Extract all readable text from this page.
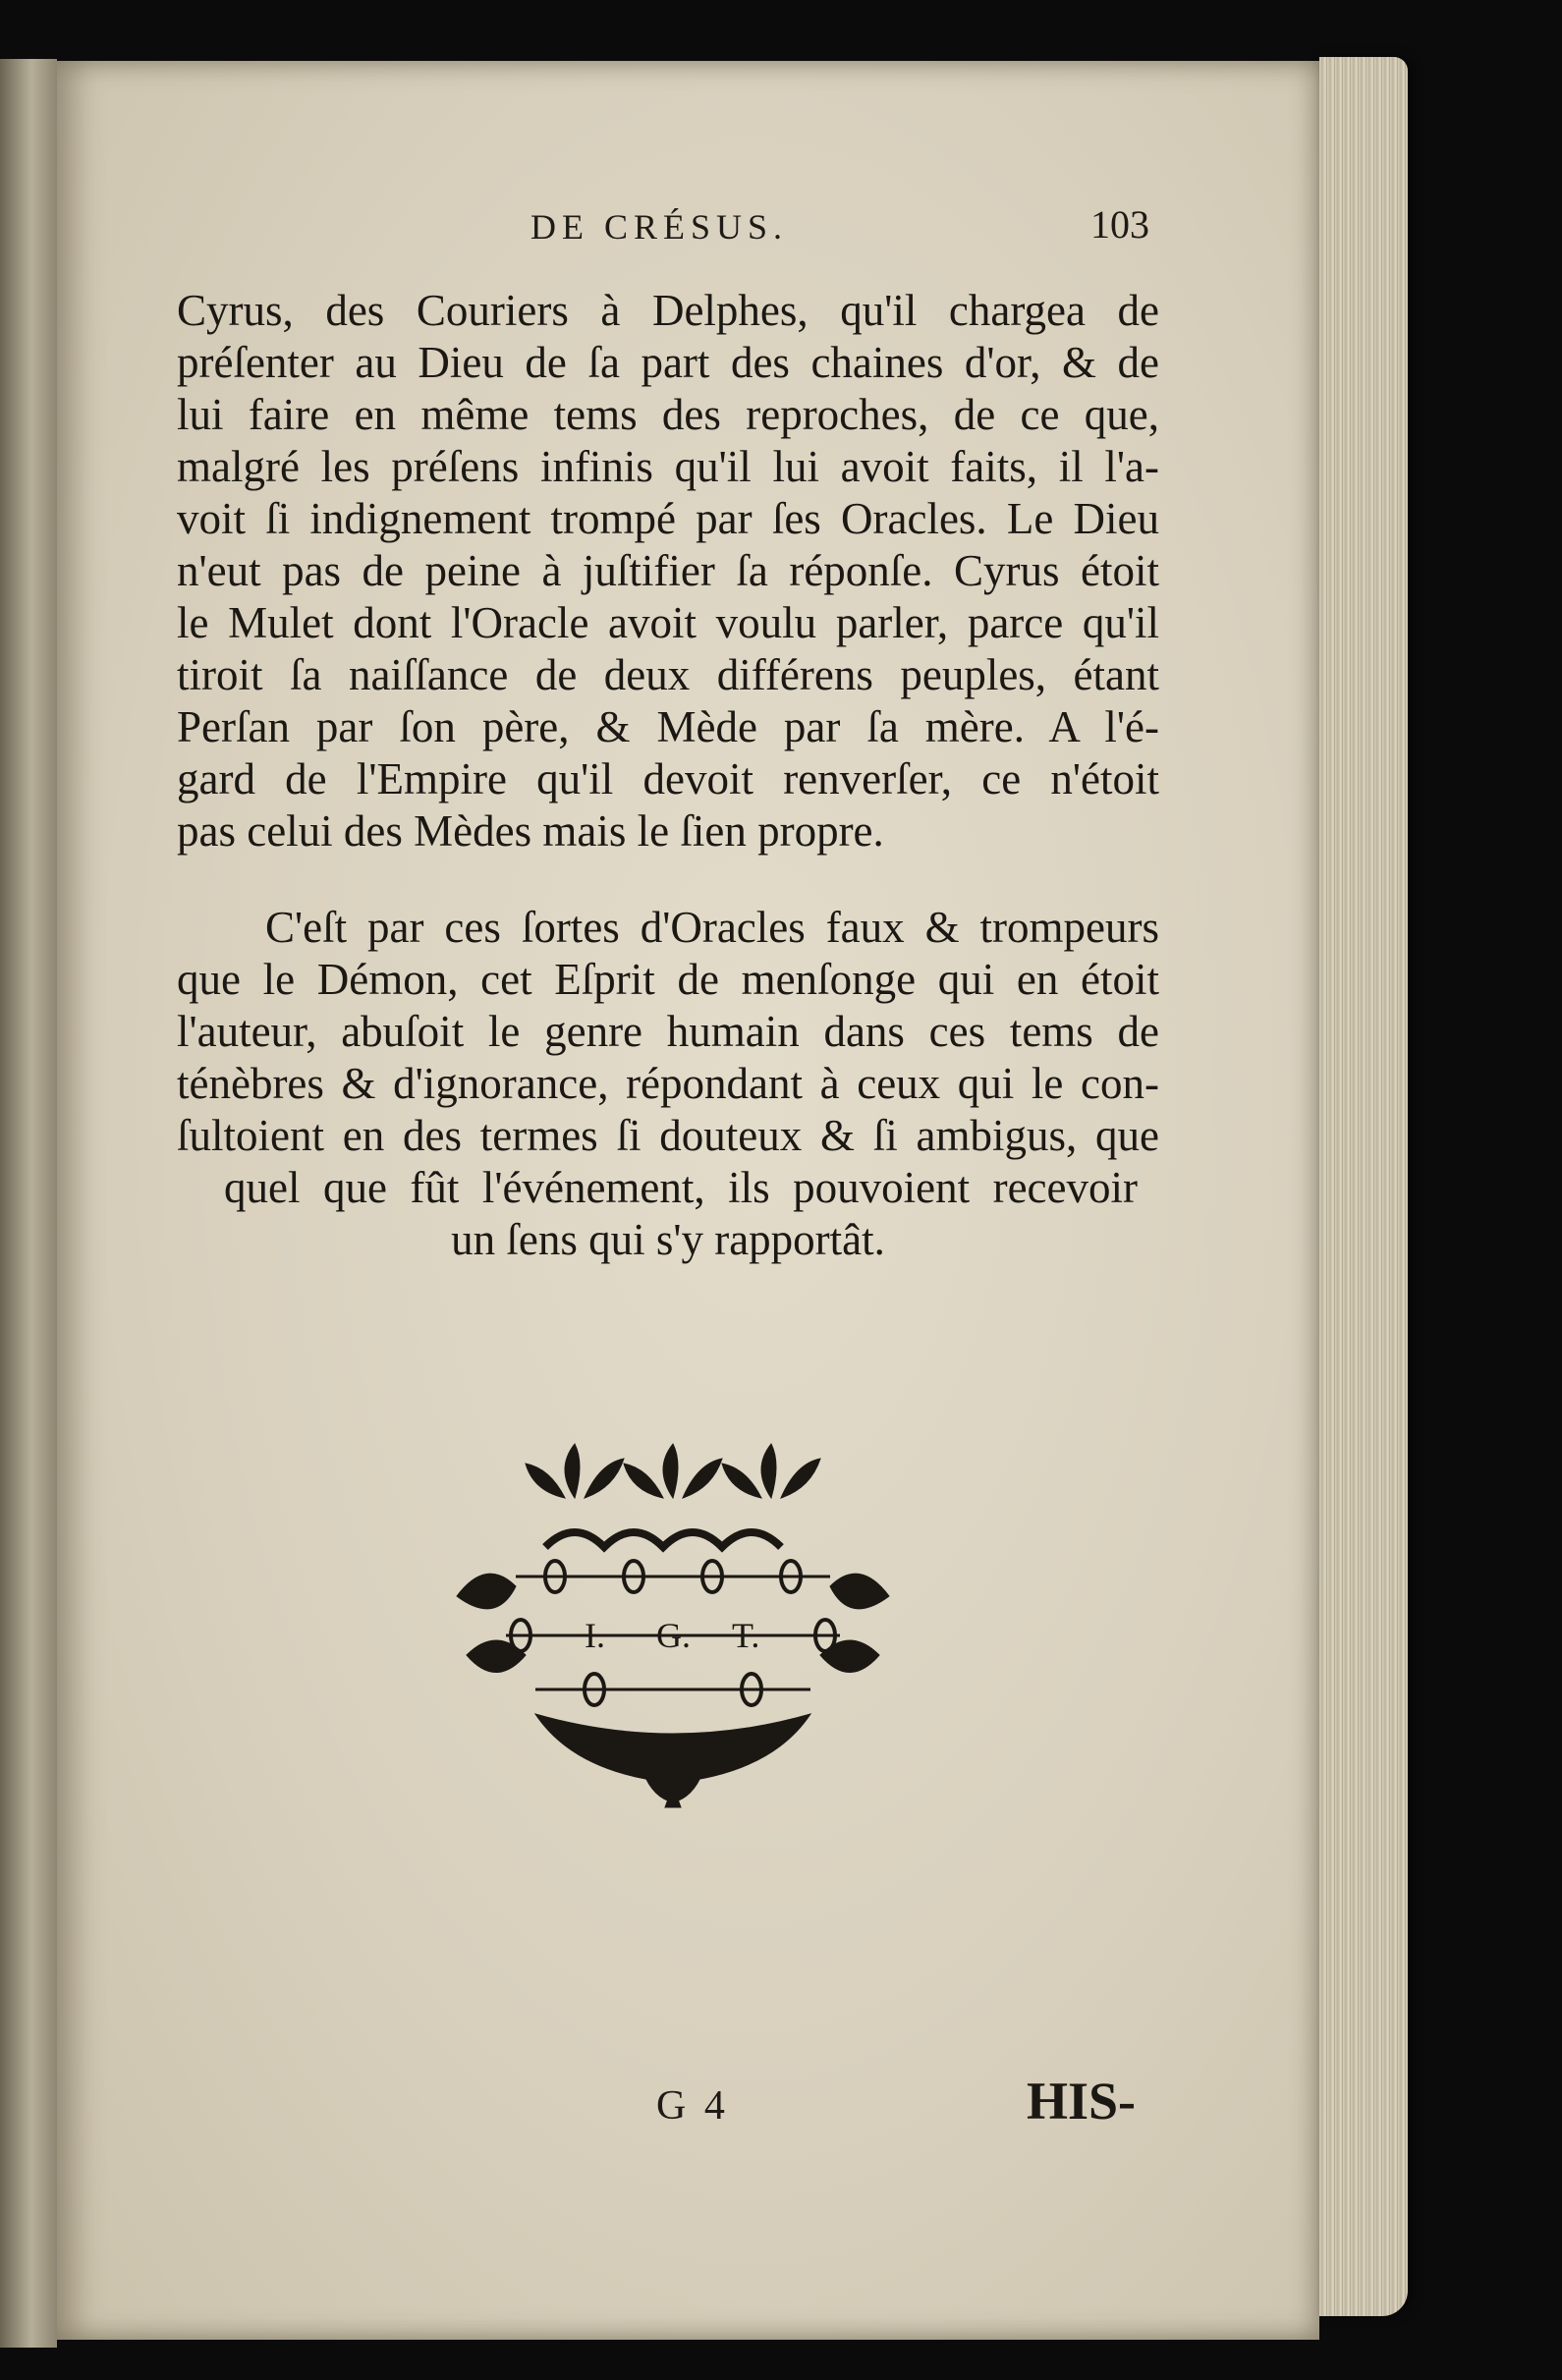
DE CRÉSUS.	103
Cyrus, des Couriers à Delphes, qu'il chargea de
préſenter au Dieu de ſa part des chaines d'or, & de
lui faire en même tems des reproches, de ce que,
malgré les préſens infinis qu'il lui avoit faits, il l'a-
voit ſi indignement trompé par ſes Oracles. Le Dieu
n'eut pas de peine à juſtifier ſa réponſe. Cyrus étoit
le Mulet dont l'Oracle avoit voulu parler, parce qu'il
tiroit ſa naiſſance de deux différens peuples, étant
Perſan par ſon père, & Mède par ſa mère. A l'é-
gard de l'Empire qu'il devoit renverſer, ce n'étoit
pas celui des Mèdes mais le ſien propre.
C'eſt par ces ſortes d'Oracles faux & trompeurs
que le Démon, cet Eſprit de menſonge qui en étoit
l'auteur, abuſoit le genre humain dans ces tems de
ténèbres & d'ignorance, répondant à ceux qui le con-
ſultoient en des termes ſi douteux & ſi ambigus, que
quel que fût l'événement, ils pouvoient recevoir
un ſens qui s'y rapportât.
I. G. T.
G 4	HIS-
